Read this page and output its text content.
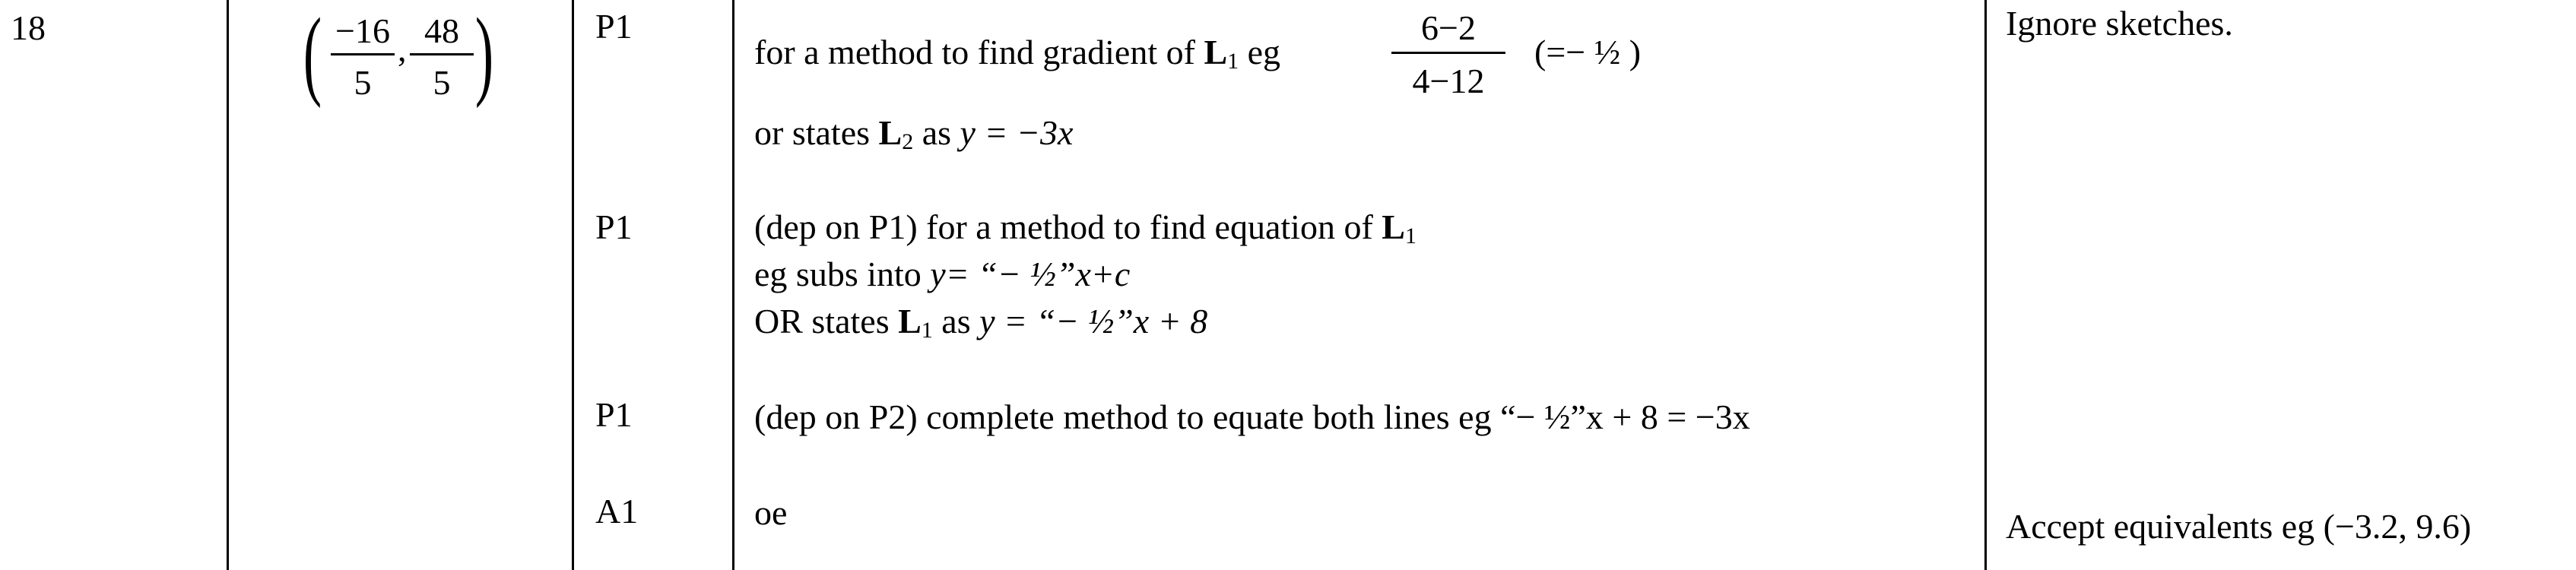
18	( −16
5
, 48
5 )	P1
P1
P1
A1
for a method to find gradient of L1 eg
6−2
4−12
(=− ½ )
or states L2 as y = −3x
(dep on P1) for a method to find equation of L1
eg subs into y= “− ½”x+c
OR states L1 as y = “− ½”x + 8
(dep on P2) complete method to equate both lines eg “− ½”x + 8 = −3x
oe
Ignore sketches.
Accept equivalents eg (−3.2, 9.6)
